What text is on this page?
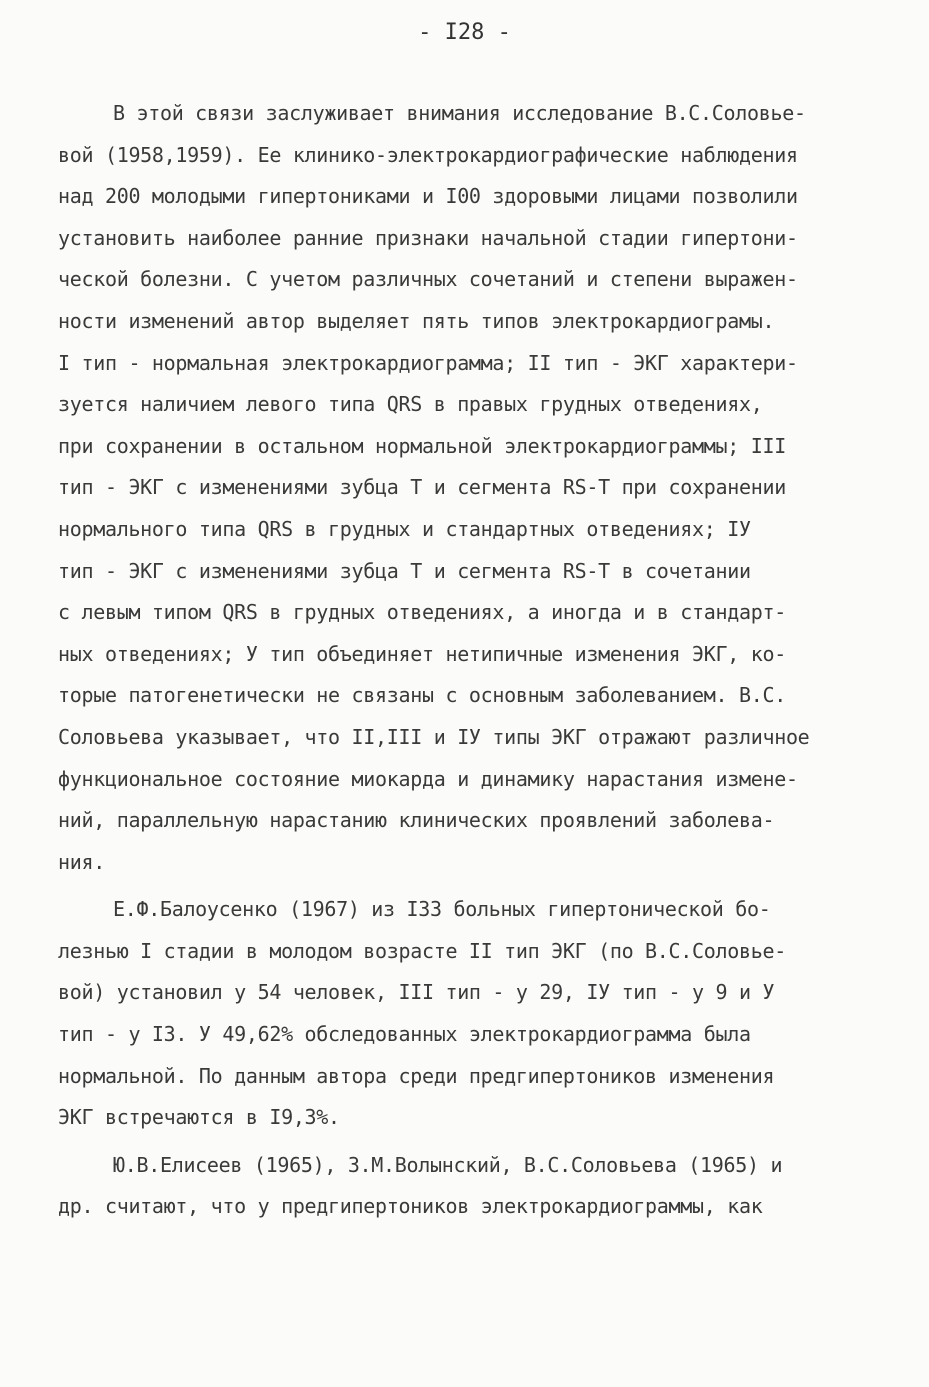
- I28 -
В этой связи заслуживает внимания исследование В.С.Соловье-
вой (1958,1959). Ее клинико-электрокардиографические наблюдения
над 200 молодыми гипертониками и I00 здоровыми лицами позволили
установить наиболее ранние признаки начальной стадии гипертони-
ческой болезни. С учетом различных сочетаний и степени выражен-
ности изменений автор выделяет пять типов электрокардиограмы.
I тип - нормальная электрокардиограмма; II тип - ЭКГ характери-
зуется наличием левого типа QRS в правых грудных отведениях,
при сохранении в остальном нормальной электрокардиограммы; III
тип - ЭКГ с изменениями зубца Т и сегмента RS-T при сохранении
нормального типа QRS в грудных и стандартных отведениях; IУ
тип - ЭКГ с изменениями зубца Т и сегмента RS-T в сочетании
с левым типом QRS в грудных отведениях, а иногда и в стандарт-
ных отведениях; У тип объединяет нетипичные изменения ЭКГ, ко-
торые патогенетически не связаны с основным заболеванием. В.С.
Соловьева указывает, что II,III и IУ типы ЭКГ отражают различное
функциональное состояние миокарда и динамику нарастания измене-
ний, параллельную нарастанию клинических проявлений заболева-
ния.
Е.Ф.Балоусенко (1967) из I33 больных гипертонической бо-
лезнью I стадии в молодом возрасте II тип ЭКГ (по В.С.Соловье-
вой) установил у 54 человек, III тип - у 29, IУ тип - у 9 и У
тип - у I3. У 49,62% обследованных электрокардиограмма была
нормальной. По данным автора среди предгипертоников изменения
ЭКГ встречаются в I9,3%.
Ю.В.Елисеев (1965), З.М.Волынский, В.С.Соловьева (1965) и
др. считают, что у предгипертоников электрокардиограммы, как
